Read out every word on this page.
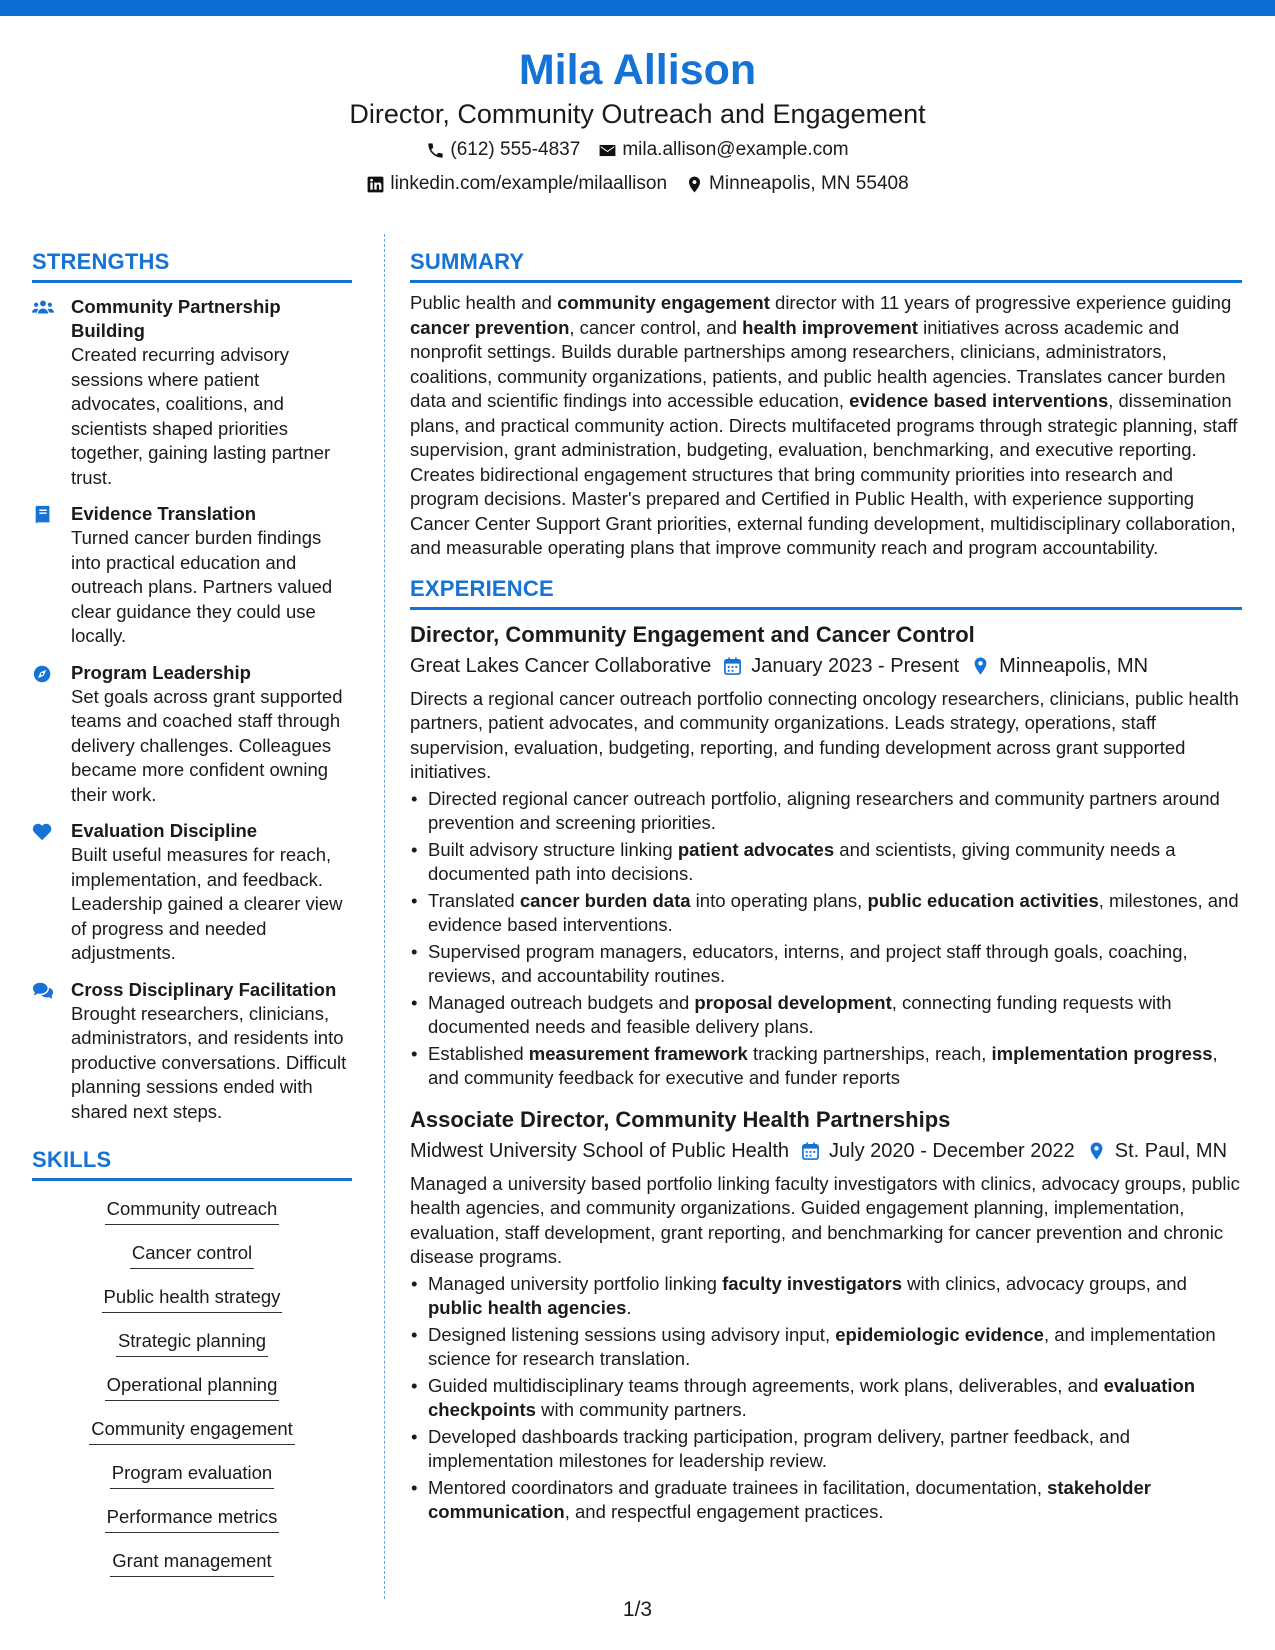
Mila Allison
Director, Community Outreach and Engagement
(612) 555-4837 mila.allison@example.com
linkedin.com/example/milaallison Minneapolis, MN 55408
STRENGTHS
Community Partnership Building
Created recurring advisory sessions where patient advocates, coalitions, and scientists shaped priorities together, gaining lasting partner trust.
Evidence Translation
Turned cancer burden findings into practical education and outreach plans. Partners valued clear guidance they could use locally.
Program Leadership
Set goals across grant supported teams and coached staff through delivery challenges. Colleagues became more confident owning their work.
Evaluation Discipline
Built useful measures for reach, implementation, and feedback. Leadership gained a clearer view of progress and needed adjustments.
Cross Disciplinary Facilitation
Brought researchers, clinicians, administrators, and residents into productive conversations. Difficult planning sessions ended with shared next steps.
SKILLS
Community outreach
Cancer control
Public health strategy
Strategic planning
Operational planning
Community engagement
Program evaluation
Performance metrics
Grant management
SUMMARY

Public health and community engagement director with 11 years of progressive experience guiding cancer prevention, cancer control, and health improvement initiatives across academic and nonprofit settings. Builds durable partnerships among researchers, clinicians, administrators, coalitions, community organizations, patients, and public health agencies. Translates cancer burden data and scientific findings into accessible education, evidence based interventions, dissemination plans, and practical community action. Directs multifaceted programs through strategic planning, staff supervision, grant administration, budgeting, evaluation, benchmarking, and executive reporting. Creates bidirectional engagement structures that bring community priorities into research and program decisions. Master's prepared and Certified in Public Health, with experience supporting Cancer Center Support Grant priorities, external funding development, multidisciplinary collaboration, and measurable operating plans that improve community reach and program accountability.

EXPERIENCE
Director, Community Engagement and Cancer Control
Great Lakes Cancer Collaborative January 2023 - Present Minneapolis, MN

Directs a regional cancer outreach portfolio connecting oncology researchers, clinicians, public health partners, patient advocates, and community organizations. Leads strategy, operations, staff supervision, evaluation, budgeting, reporting, and funding development across grant supported initiatives.

• Directed regional cancer outreach portfolio, aligning researchers and community partners around prevention and screening priorities.
• Built advisory structure linking patient advocates and scientists, giving community needs a documented path into decisions.
• Translated cancer burden data into operating plans, public education activities, milestones, and evidence based interventions.
• Supervised program managers, educators, interns, and project staff through goals, coaching, reviews, and accountability routines.
• Managed outreach budgets and proposal development, connecting funding requests with documented needs and feasible delivery plans.
• Established measurement framework tracking partnerships, reach, implementation progress, and community feedback for executive and funder reports
Associate Director, Community Health Partnerships
Midwest University School of Public Health July 2020 - December 2022 St. Paul, MN

Managed a university based portfolio linking faculty investigators with clinics, advocacy groups, public health agencies, and community organizations. Guided engagement planning, implementation, evaluation, staff development, grant reporting, and benchmarking for cancer prevention and chronic disease programs.

• Managed university portfolio linking faculty investigators with clinics, advocacy groups, and public health agencies.
• Designed listening sessions using advisory input, epidemiologic evidence, and implementation science for research translation.
• Guided multidisciplinary teams through agreements, work plans, deliverables, and evaluation checkpoints with community partners.
• Developed dashboards tracking participation, program delivery, partner feedback, and implementation milestones for leadership review.
• Mentored coordinators and graduate trainees in facilitation, documentation, stakeholder communication, and respectful engagement practices.
1/3
